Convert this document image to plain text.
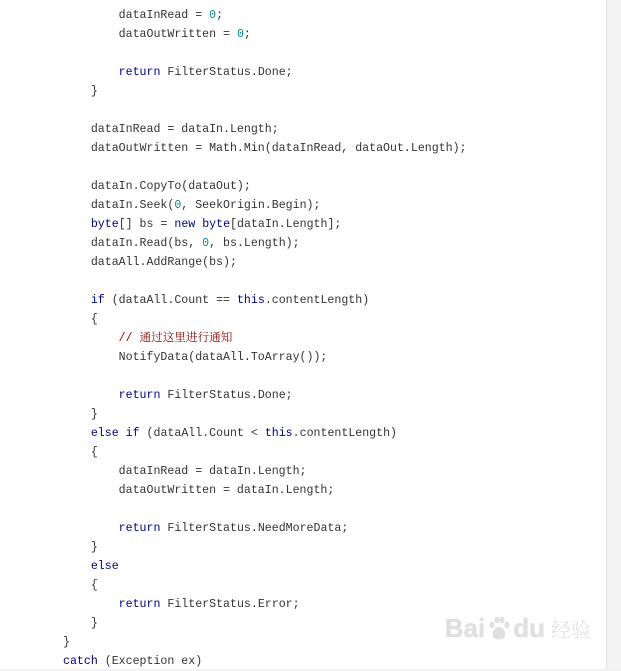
dataInRead = 0;
dataOutWritten = 0;

return FilterStatus.Done;
}

dataInRead = dataIn.Length;
dataOutWritten = Math.Min(dataInRead, dataOut.Length);

dataIn.CopyTo(dataOut);
dataIn.Seek(0, SeekOrigin.Begin);
byte[] bs = new byte[dataIn.Length];
dataIn.Read(bs, 0, bs.Length);
dataAll.AddRange(bs);

if (dataAll.Count == this.contentLength)
{
// 通过这里进行通知
NotifyData(dataAll.ToArray());

return FilterStatus.Done;
}
else if (dataAll.Count < this.contentLength)
{
dataInRead = dataIn.Length;
dataOutWritten = dataIn.Length;

return FilterStatus.NeedMoreData;
}
else
{
return FilterStatus.Error;
}
}
catch (Exception ex)
Bai du 经验
